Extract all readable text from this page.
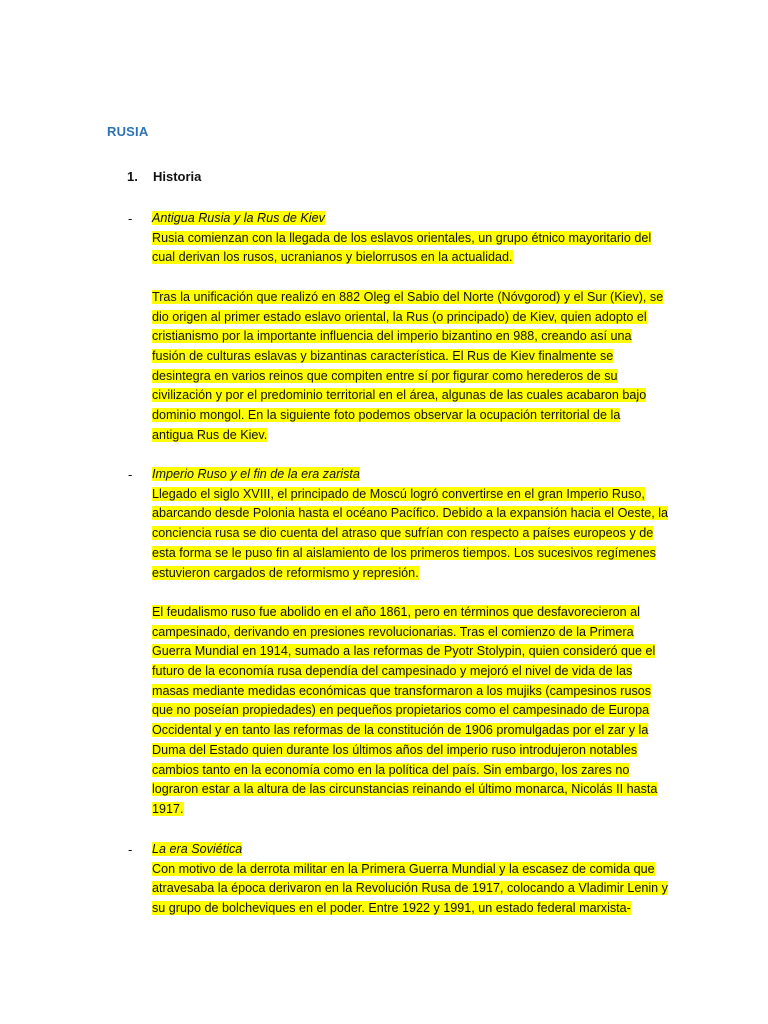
RUSIA
1. Historia
- Antigua Rusia y la Rus de Kiev
Rusia comienzan con la llegada de los eslavos orientales, un grupo étnico mayoritario del
cual derivan los rusos, ucranianos y bielorrusos en la actualidad.
Tras la unificación que realizó en 882 Oleg el Sabio del Norte (Nóvgorod) y el Sur (Kiev), se
dio origen al primer estado eslavo oriental, la Rus (o principado) de Kiev, quien adopto el
cristianismo por la importante influencia del imperio bizantino en 988, creando así una
fusión de culturas eslavas y bizantinas característica. El Rus de Kiev finalmente se
desintegra en varios reinos que compiten entre sí por figurar como herederos de su
civilización y por el predominio territorial en el área, algunas de las cuales acabaron bajo
dominio mongol. En la siguiente foto podemos observar la ocupación territorial de la
antigua Rus de Kiev.
- Imperio Ruso y el fin de la era zarista
Llegado el siglo XVIII, el principado de Moscú logró convertirse en el gran Imperio Ruso,
abarcando desde Polonia hasta el océano Pacífico. Debido a la expansión hacia el Oeste, la
conciencia rusa se dio cuenta del atraso que sufrían con respecto a países europeos y de
esta forma se le puso fin al aislamiento de los primeros tiempos. Los sucesivos regímenes
estuvieron cargados de reformismo y represión.
El feudalismo ruso fue abolido en el año 1861, pero en términos que desfavorecieron al
campesinado, derivando en presiones revolucionarias. Tras el comienzo de la Primera
Guerra Mundial en 1914, sumado a las reformas de Pyotr Stolypin, quien consideró que el
futuro de la economía rusa dependía del campesinado y mejoró el nivel de vida de las
masas mediante medidas económicas que transformaron a los mujiks (campesinos rusos
que no poseían propiedades) en pequeños propietarios como el campesinado de Europa
Occidental y en tanto las reformas de la constitución de 1906 promulgadas por el zar y la
Duma del Estado quien durante los últimos años del imperio ruso introdujeron notables
cambios tanto en la economía como en la política del país. Sin embargo, los zares no
lograron estar a la altura de las circunstancias reinando el último monarca, Nicolás II hasta
1917.
- La era Soviética
Con motivo de la derrota militar en la Primera Guerra Mundial y la escasez de comida que
atravesaba la época derivaron en la Revolución Rusa de 1917, colocando a Vladimir Lenin y
su grupo de bolcheviques en el poder. Entre 1922 y 1991, un estado federal marxista-
